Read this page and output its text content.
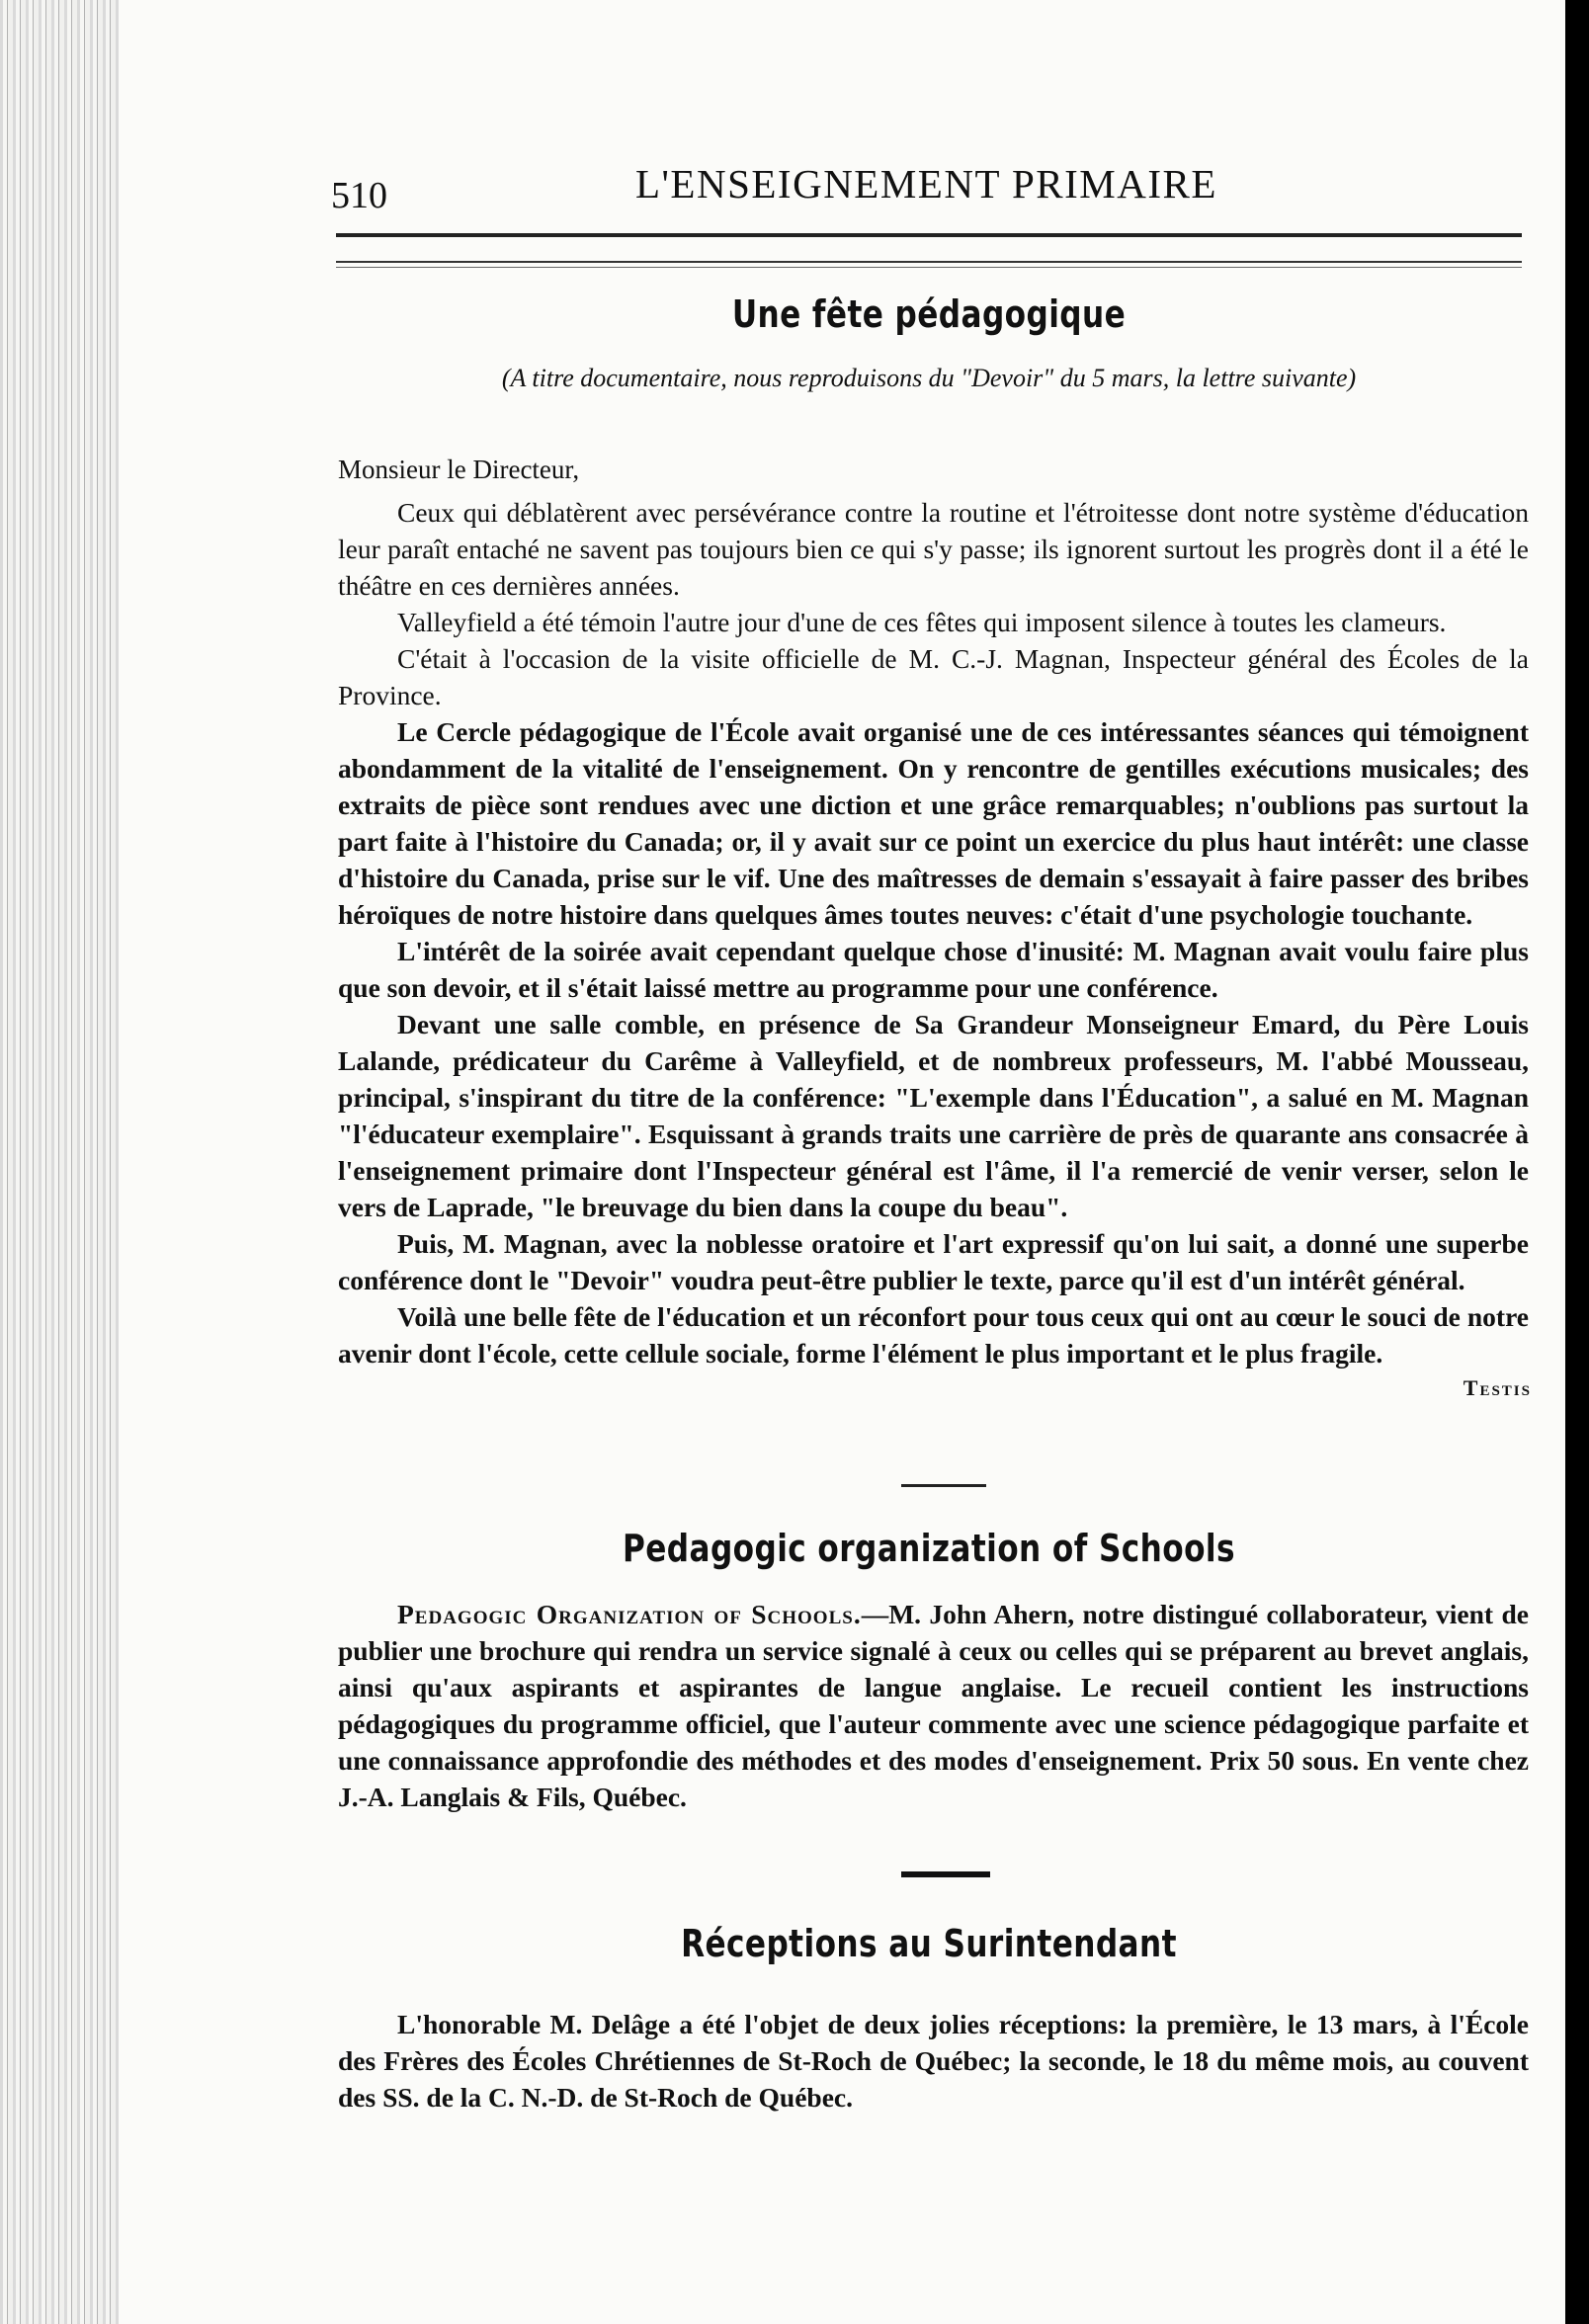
510	L'ENSEIGNEMENT PRIMAIRE
Une fête pédagogique
(A titre documentaire, nous reproduisons du "Devoir" du 5 mars, la lettre suivante)
Monsieur le Directeur,

Ceux qui déblatèrent avec persévérance contre la routine et l'étroitesse dont notre système d'éducation leur paraît entaché ne savent pas toujours bien ce qui s'y passe; ils ignorent surtout les progrès dont il a été le théâtre en ces dernières années.

Valleyfield a été témoin l'autre jour d'une de ces fêtes qui imposent silence à toutes les clameurs.

C'était à l'occasion de la visite officielle de M. C.-J. Magnan, Inspecteur général des Écoles de la Province.

Le Cercle pédagogique de l'École avait organisé une de ces intéressantes séances qui témoignent abondamment de la vitalité de l'enseignement. On y rencontre de gentilles exécutions musicales; des extraits de pièce sont rendues avec une diction et une grâce remarquables; n'oublions pas surtout la part faite à l'histoire du Canada; or, il y avait sur ce point un exercice du plus haut intérêt: une classe d'histoire du Canada, prise sur le vif. Une des maîtresses de demain s'essayait à faire passer des bribes héroïques de notre histoire dans quelques âmes toutes neuves: c'était d'une psychologie touchante.

L'intérêt de la soirée avait cependant quelque chose d'inusité: M. Magnan avait voulu faire plus que son devoir, et il s'était laissé mettre au programme pour une conférence.

Devant une salle comble, en présence de Sa Grandeur Monseigneur Emard, du Père Louis Lalande, prédicateur du Carême à Valleyfield, et de nombreux professeurs, M. l'abbé Mousseau, principal, s'inspirant du titre de la conférence: "L'exemple dans l'Éducation", a salué en M. Magnan "l'éducateur exemplaire". Esquissant à grands traits une carrière de près de quarante ans consacrée à l'enseignement primaire dont l'Inspecteur général est l'âme, il l'a remercié de venir verser, selon le vers de Laprade, "le breuvage du bien dans la coupe du beau".

Puis, M. Magnan, avec la noblesse oratoire et l'art expressif qu'on lui sait, a donné une superbe conférence dont le "Devoir" voudra peut-être publier le texte, parce qu'il est d'un intérêt général.

Voilà une belle fête de l'éducation et un réconfort pour tous ceux qui ont au cœur le souci de notre avenir dont l'école, cette cellule sociale, forme l'élément le plus important et le plus fragile.

Testis
Pedagogic organization of Schools

Pedagogic Organization of Schools.—M. John Ahern, notre distingué collaborateur, vient de publier une brochure qui rendra un service signalé à ceux ou celles qui se préparent au brevet anglais, ainsi qu'aux aspirants et aspirantes de langue anglaise. Le recueil contient les instructions pédagogiques du programme officiel, que l'auteur commente avec une science pédagogique parfaite et une connaissance approfondie des méthodes et des modes d'enseignement. Prix 50 sous. En vente chez J.-A. Langlais & Fils, Québec.

Réceptions au Surintendant

L'honorable M. Delâge a été l'objet de deux jolies réceptions: la première, le 13 mars, à l'École des Frères des Écoles Chrétiennes de St-Roch de Québec; la seconde, le 18 du même mois, au couvent des SS. de la C. N.-D. de St-Roch de Québec.
